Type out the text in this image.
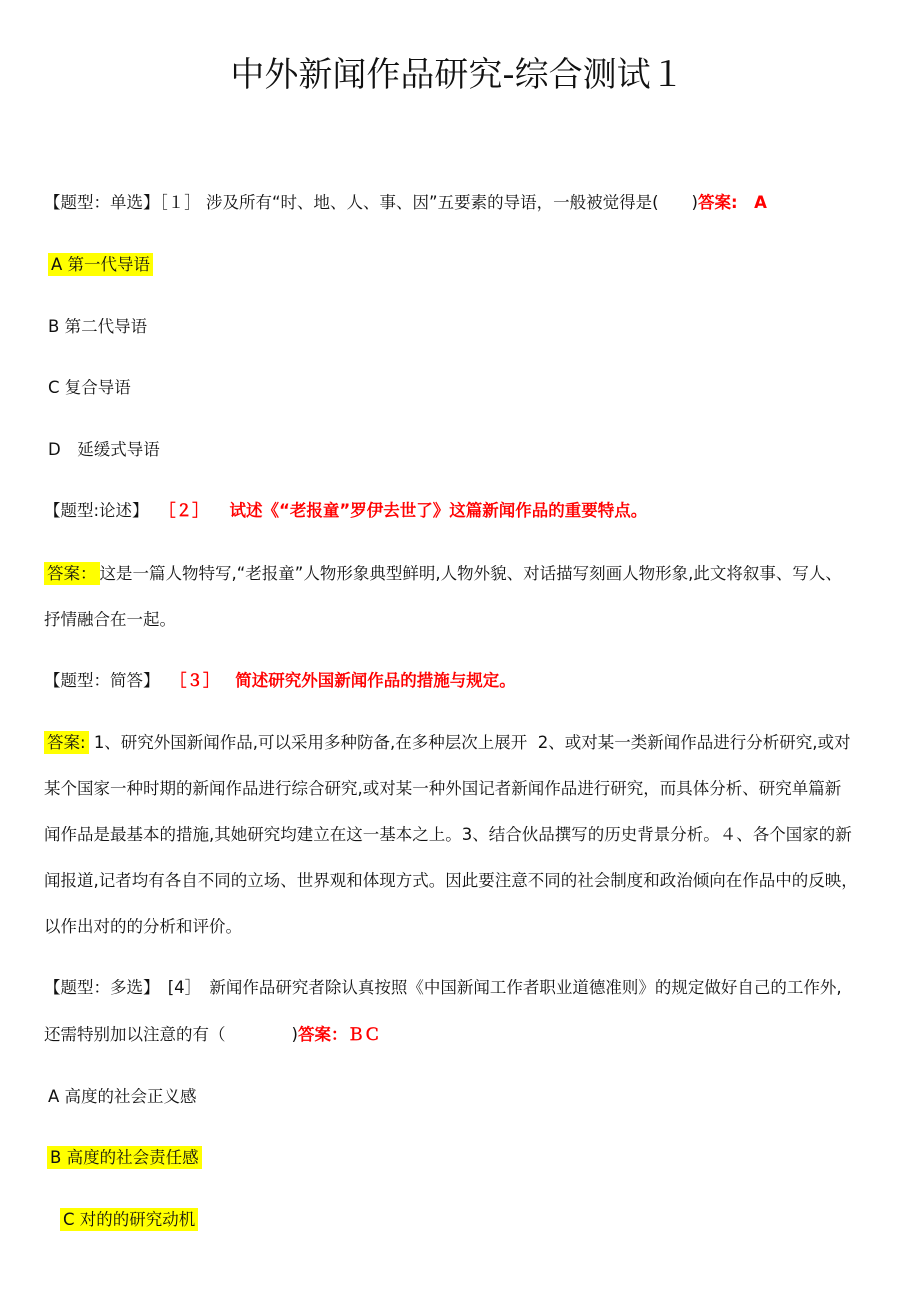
中外新闻作品研究-综合测试１
【题型：单选】［１］ 涉及所有“时、地、人、事、因”五要素的导语，一般被觉得是(　　)答案:　A
A 第一代导语
B 第二代导语
C 复合导语
D　延缓式导语
【题型:论述】 ［２］ 试述《“老报童”罗伊去世了》这篇新闻作品的重要特点。
答案： 这是一篇人物特写,“老报童”人物形象典型鲜明,人物外貌、对话描写刻画人物形象,此文将叙事、写人、
抒情融合在一起。
【题型：简答】 ［３］ 简述研究外国新闻作品的措施与规定。
答案: 1、研究外国新闻作品,可以采用多种防备,在多种层次上展开  2、或对某一类新闻作品进行分析研究,或对
某个国家一种时期的新闻作品进行综合研究,或对某一种外国记者新闻作品进行研究，而具体分析、研究单篇新
闻作品是最基本的措施,其她研究均建立在这一基本之上。3、结合伙品撰写的历史背景分析。４、各个国家的新
闻报道,记者均有各自不同的立场、世界观和体现方式。因此要注意不同的社会制度和政治倾向在作品中的反映，
以作出对的的分析和评价。
【题型：多选】　[4］　新闻作品研究者除认真按照《中国新闻工作者职业道德准则》的规定做好自己的工作外,
还需特别加以注意的有（　　　　)答案：ＢＣ
A 高度的社会正义感
B 高度的社会责任感
C 对的的研究动机
